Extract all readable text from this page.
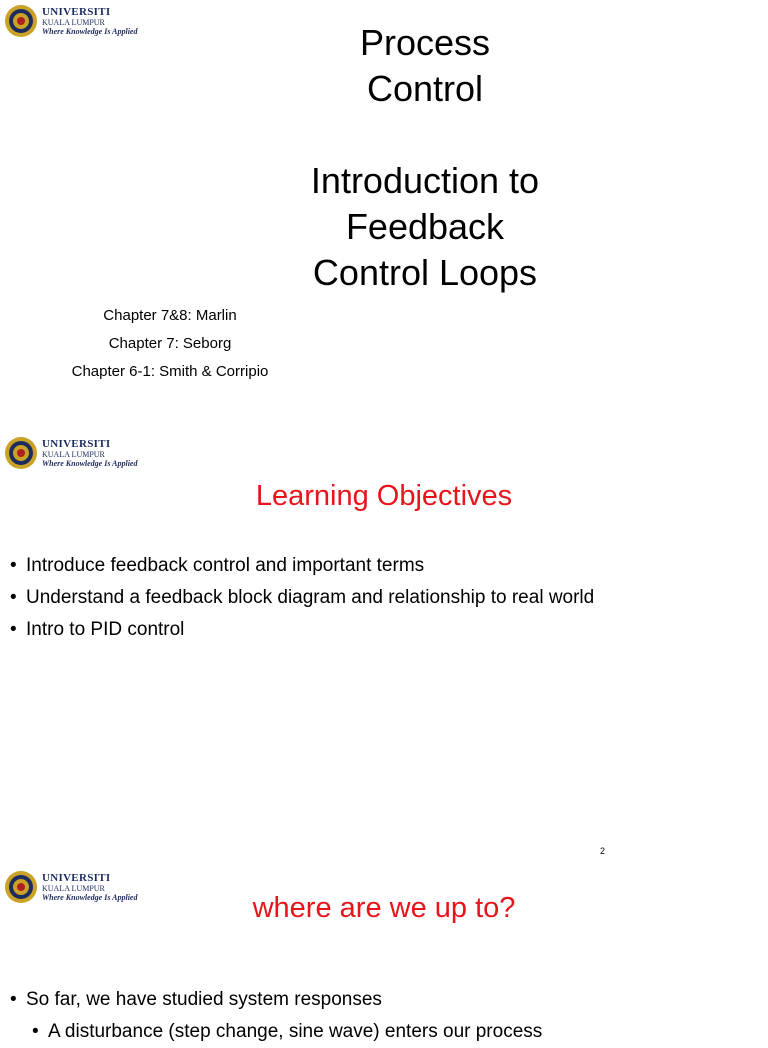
UNIVERSITI
KUALA LUMPUR
Where Knowledge Is Applied	Process
Control
Introduction to
Feedback
Control Loops
Chapter 7&8: Marlin
Chapter 7: Seborg
Chapter 6-1: Smith & Corripio
UNIVERSITI
KUALA LUMPUR
Where Knowledge Is Applied
Learning Objectives
• Introduce feedback control and important terms
• Understand a feedback block diagram and relationship to real world
• Intro to PID control
2
UNIVERSITI
KUALA LUMPUR
Where Knowledge Is Applied	where are we up to?
• So far, we have studied system responses
• A disturbance (step change, sine wave) enters our process
